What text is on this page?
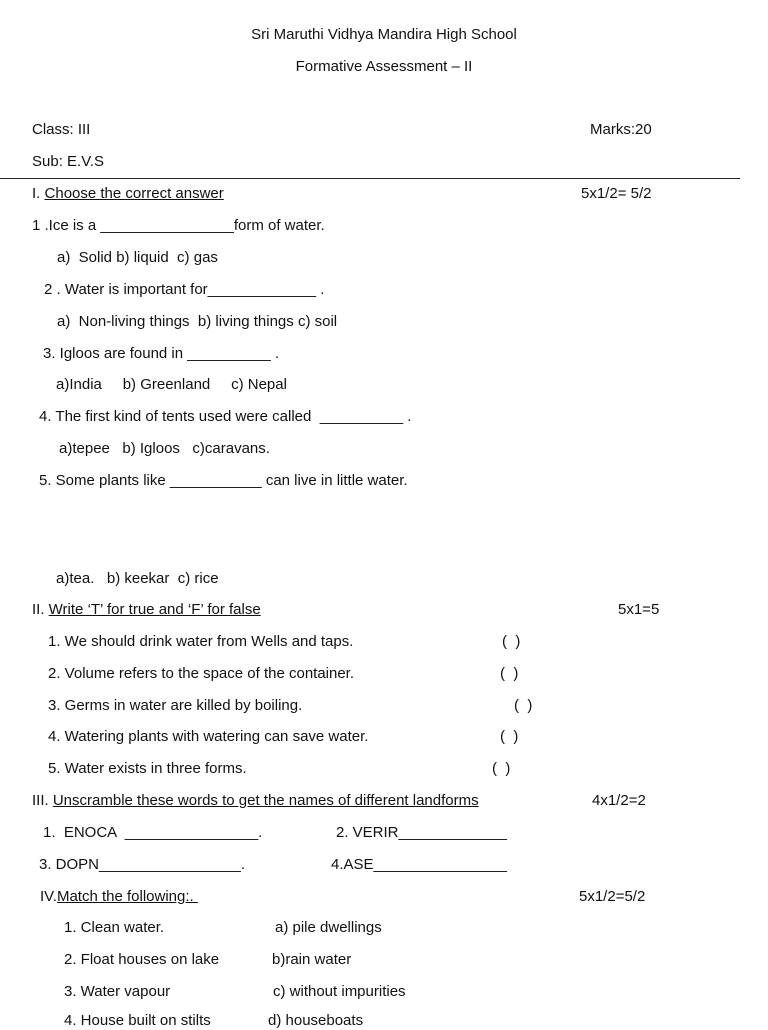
Sri Maruthi Vidhya Mandira High School
Formative Assessment – II
Class: III	Marks:20
Sub: E.V.S
I. Choose the correct answer	5x1/2= 5/2
1 .Ice is a ________________form of water.
a)  Solid b) liquid  c) gas
2 . Water is important for_____________ .
a)  Non-living things  b) living things c) soil
3. Igloos are found in __________ .
a)India     b) Greenland     c) Nepal
4. The first kind of tents used were called  __________ .
a)tepee   b) Igloos   c)caravans.
5. Some plants like ___________ can live in little water.
a)tea.   b) keekar  c) rice
II. Write ‘T’ for true and ‘F’ for false	5x1=5
1. We should drink water from Wells and taps.	(  )
2. Volume refers to the space of the container.	(  )
3. Germs in water are killed by boiling.	(  )
4. Watering plants with watering can save water.	(  )
5. Water exists in three forms.	(  )
III. Unscramble these words to get the names of different landforms	4x1/2=2
1.  ENOCA  ________________.	2. VERIR_____________
3. DOPN_________________.	4.ASE________________
IV.Match the following:.	5x1/2=5/2
1. Clean water.	a) pile dwellings
2. Float houses on lake	b)rain water
3. Water vapour	c) without impurities
4. House built on stilts	d) houseboats
